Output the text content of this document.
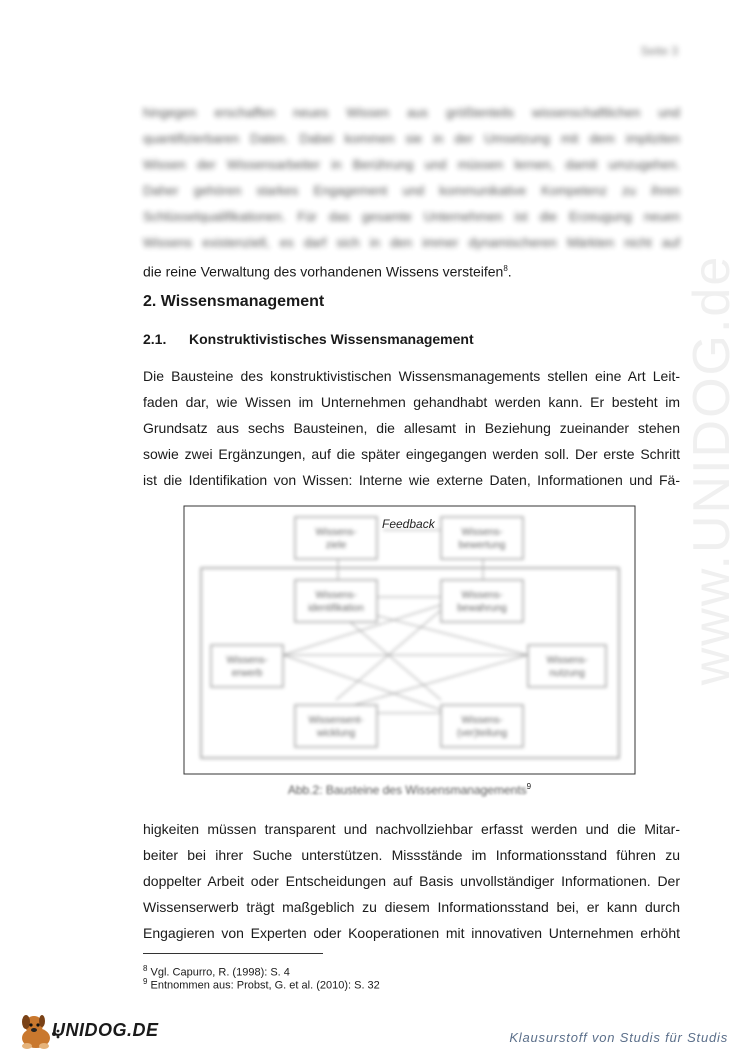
www.UNIDOG.de
Seite 3
hingegen erschaffen neues Wissen aus größtenteils wissenschaftlichen und
quantifizierbaren Daten. Dabei kommen sie in der Umsetzung mit dem impliziten
Wissen der Wissensarbeiter in Berührung und müssen lernen, damit umzugehen.
Daher gehören starkes Engagement und kommunikative Kompetenz zu ihren
Schlüsselqualifikationen. Für das gesamte Unternehmen ist die Erzeugung neuen
Wissens existenziell, es darf sich in den immer dynamischeren Märkten nicht auf
die reine Verwaltung des vorhandenen Wissens versteifen$^8$.
2. Wissensmanagement
2.1. Konstruktivistisches Wissensmanagement
Die Bausteine des konstruktivistischen Wissensmanagements stellen eine Art Leit-
faden dar, wie Wissen im Unternehmen gehandhabt werden kann. Er besteht im
Grundsatz aus sechs Bausteinen, die allesamt in Beziehung zueinander stehen
sowie zwei Ergänzungen, auf die später eingegangen werden soll. Der erste Schritt
ist die Identifikation von Wissen: Interne wie externe Daten, Informationen und Fä-
Wissens-
ziele
Wissens-
bewertung
Wissens-
identifikation
Wissens-
bewahrung
Wissens-
erwerb
Wissens-
nutzung
Wissensent-
wicklung
Wissens-
(ver)teilung
Feedback
Abb.2: Bausteine des Wissensmanagements$^9$
higkeiten müssen transparent und nachvollziehbar erfasst werden und die Mitar-
beiter bei ihrer Suche unterstützen. Missstände im Informationsstand führen zu
doppelter Arbeit oder Entscheidungen auf Basis unvollständiger Informationen. Der
Wissenserwerb trägt maßgeblich zu diesem Informationsstand bei, er kann durch
Engagieren von Experten oder Kooperationen mit innovativen Unternehmen erhöht
$^8$ Vgl. Capurro, R. (1998): S. 4
$^9$ Entnommen aus: Probst, G. et al. (2010): S. 32
UNIDOG.DE	Klausurstoff von Studis für Studis
